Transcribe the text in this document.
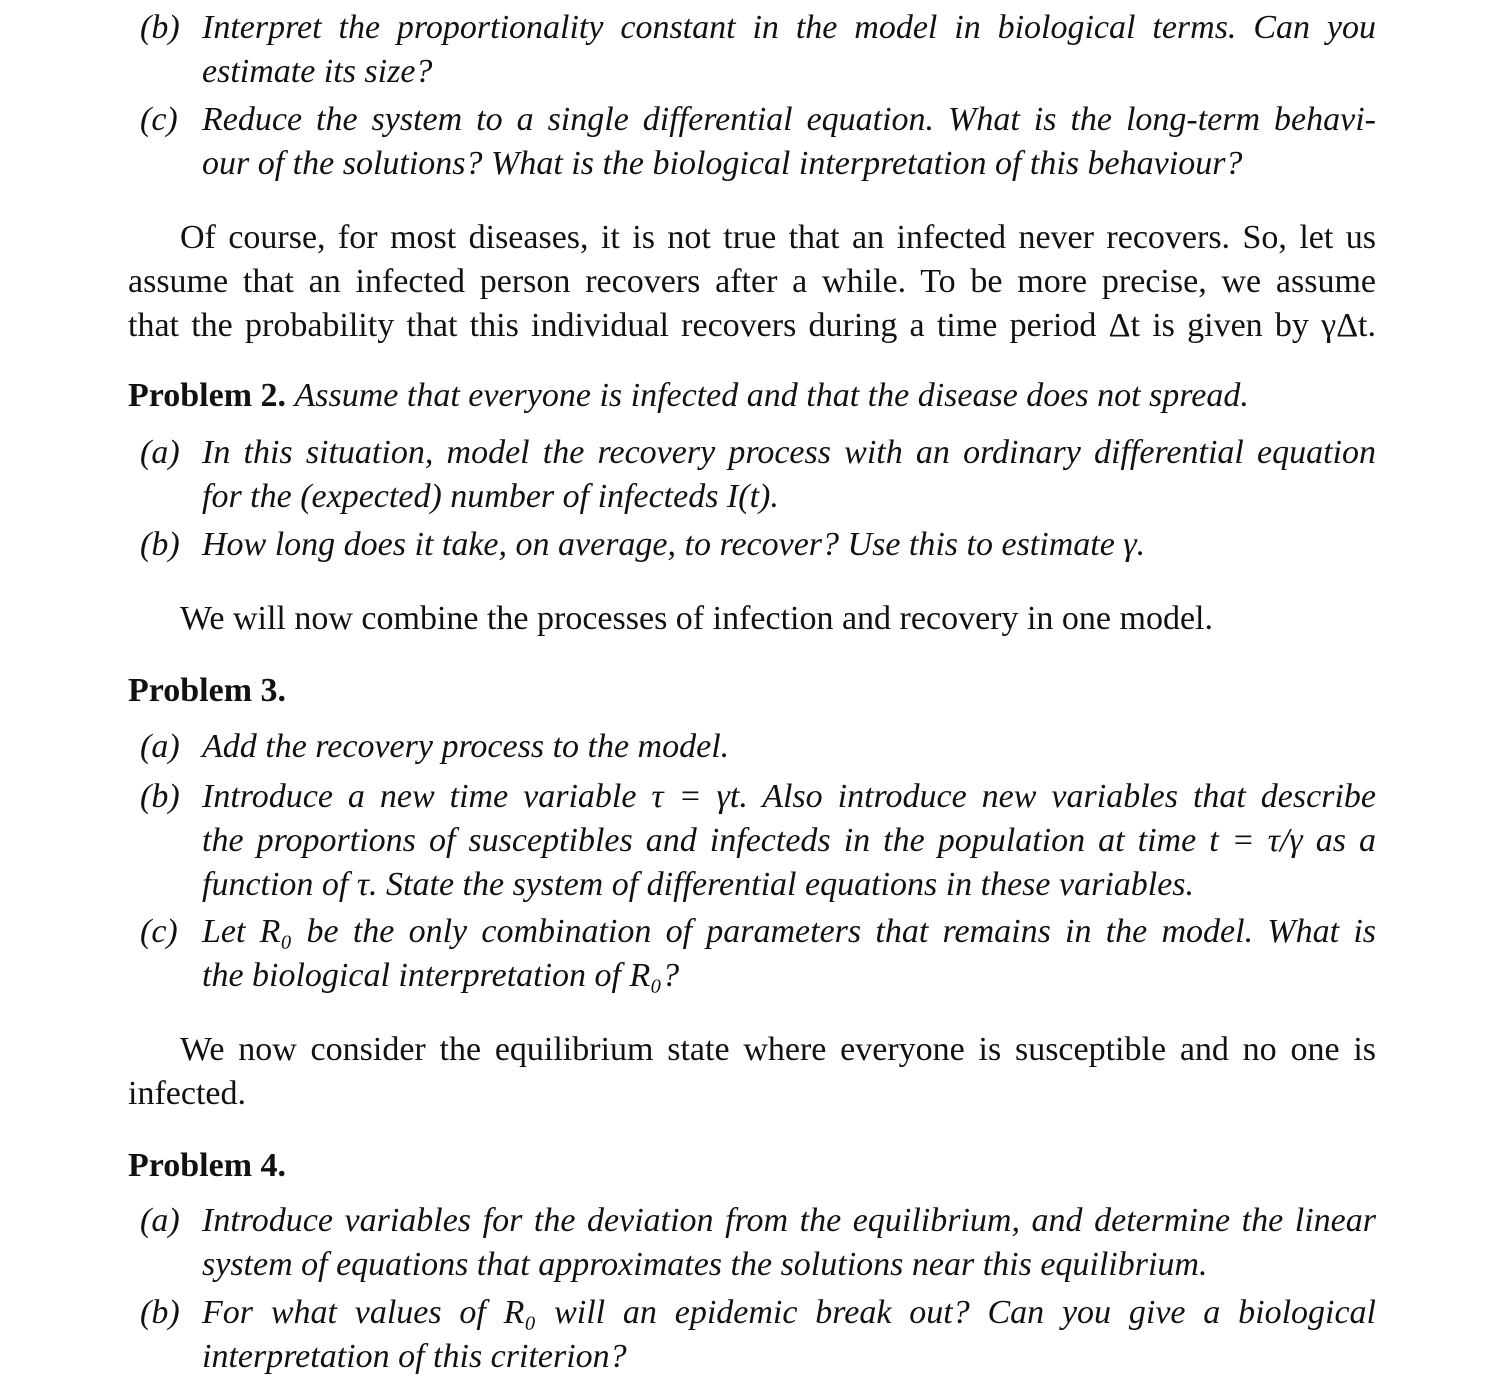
(b) Interpret the proportionality constant in the model in biological terms. Can you
estimate its size?
(c) Reduce the system to a single differential equation. What is the long-term behavi-
our of the solutions? What is the biological interpretation of this behaviour?
Of course, for most diseases, it is not true that an infected never recovers. So, let us
assume that an infected person recovers after a while. To be more precise, we assume
that the probability that this individual recovers during a time period Δt is given by γΔt.
Problem 2. Assume that everyone is infected and that the disease does not spread.
(a) In this situation, model the recovery process with an ordinary differential equation
for the (expected) number of infecteds I(t).
(b) How long does it take, on average, to recover? Use this to estimate γ.
We will now combine the processes of infection and recovery in one model.
Problem 3.
(a) Add the recovery process to the model.
(b) Introduce a new time variable τ = γt. Also introduce new variables that describe
the proportions of susceptibles and infecteds in the population at time t = τ/γ as a
function of τ. State the system of differential equations in these variables.
(c) Let R₀ be the only combination of parameters that remains in the model. What is
the biological interpretation of R₀?
We now consider the equilibrium state where everyone is susceptible and no one is
infected.
Problem 4.
(a) Introduce variables for the deviation from the equilibrium, and determine the linear
system of equations that approximates the solutions near this equilibrium.
(b) For what values of R₀ will an epidemic break out? Can you give a biological
interpretation of this criterion?
